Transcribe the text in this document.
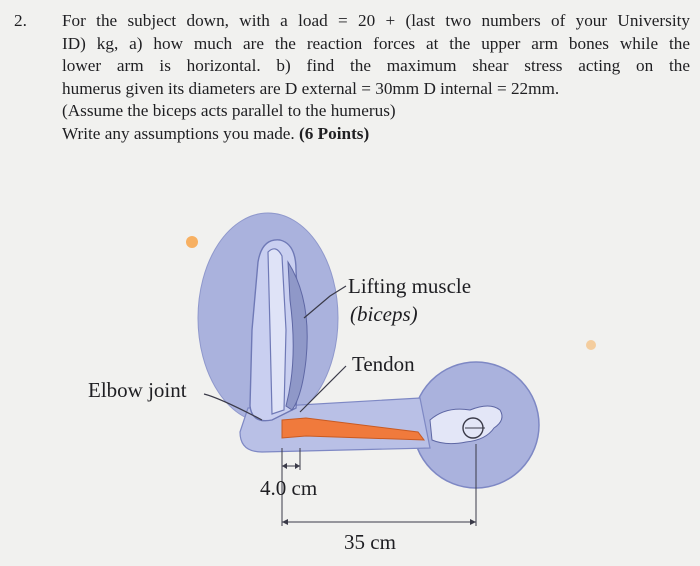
2.	For the subject down, with a load = 20 + (last two numbers of your University
ID) kg, a) how much are the reaction forces at the upper arm bones while the
lower arm is horizontal. b) find the maximum shear stress acting on the
humerus given its diameters are D external = 30mm D internal = 22mm.
(Assume the biceps acts parallel to the humerus)
Write any assumptions you made. (6 Points)
Lifting muscle
(biceps)
Tendon
Elbow joint
4.0 cm
35 cm
